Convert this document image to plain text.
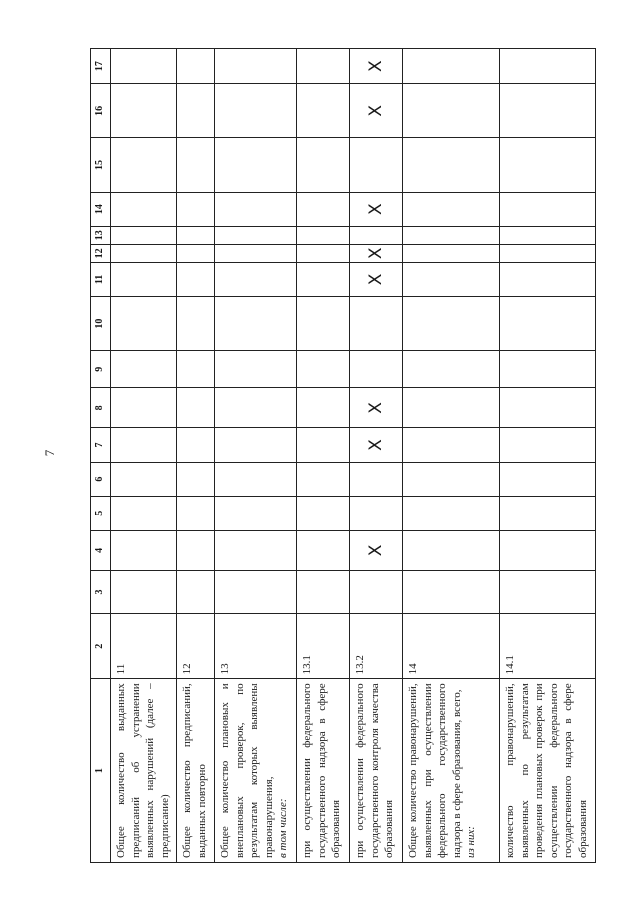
7
1	2	3	4	5	6	7	8	9	10	11	12	13	14	15	16	17
Общее количество выданных предписаний об устранении выявленных нарушений (далее – предписание)	11															
Общее количество предписаний, выданных повторно	12															
Общее количество плановых и внеплановых проверок, по результатам которых выявлены правонарушения, в том числе:	13															
при осуществлении федерального государственного надзора в сфере образования	13.1															
при осуществлении федерального государственного контроля качества образования	13.2		X			X	X			X	X		X		X	X
Общее количество правонарушений, выявленных при осуществлении федерального государственного надзора в сфере образования, всего, из них:	14															
количество правонарушений, выявленных по результатам проведения плановых проверок при осуществлении федерального государственного надзора в сфере образования	14.1															
